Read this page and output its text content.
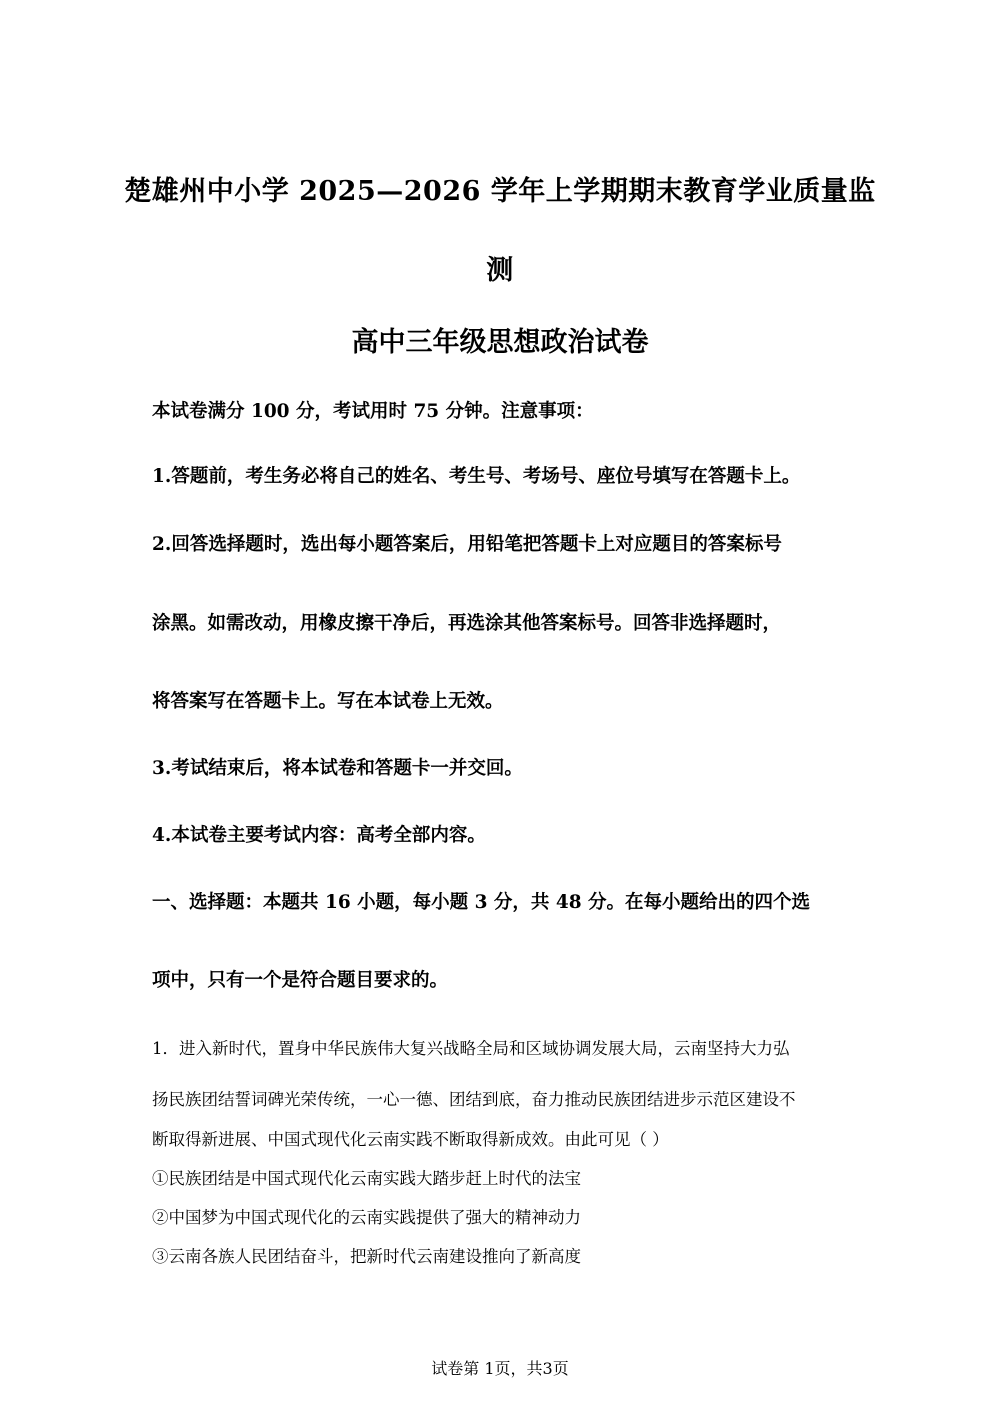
楚雄州中小学 2025—2026 学年上学期期末教育学业质量监
测
高中三年级思想政治试卷
本试卷满分 100 分，考试用时 75 分钟。注意事项：
1.答题前，考生务必将自己的姓名、考生号、考场号、座位号填写在答题卡上。
2.回答选择题时，选出每小题答案后，用铅笔把答题卡上对应题目的答案标号
涂黑。如需改动，用橡皮擦干净后，再选涂其他答案标号。回答非选择题时，
将答案写在答题卡上。写在本试卷上无效。
3.考试结束后，将本试卷和答题卡一并交回。
4.本试卷主要考试内容：高考全部内容。
一、选择题：本题共 16 小题，每小题 3 分，共 48 分。在每小题给出的四个选
项中，只有一个是符合题目要求的。
1．进入新时代，置身中华民族伟大复兴战略全局和区域协调发展大局，云南坚持大力弘
扬民族团结誓词碑光荣传统，一心一德、团结到底，奋力推动民族团结进步示范区建设不
断取得新进展、中国式现代化云南实践不断取得新成效。由此可见（ ）
①民族团结是中国式现代化云南实践大踏步赶上时代的法宝
②中国梦为中国式现代化的云南实践提供了强大的精神动力
③云南各族人民团结奋斗，把新时代云南建设推向了新高度
试卷第 1页，共3页
